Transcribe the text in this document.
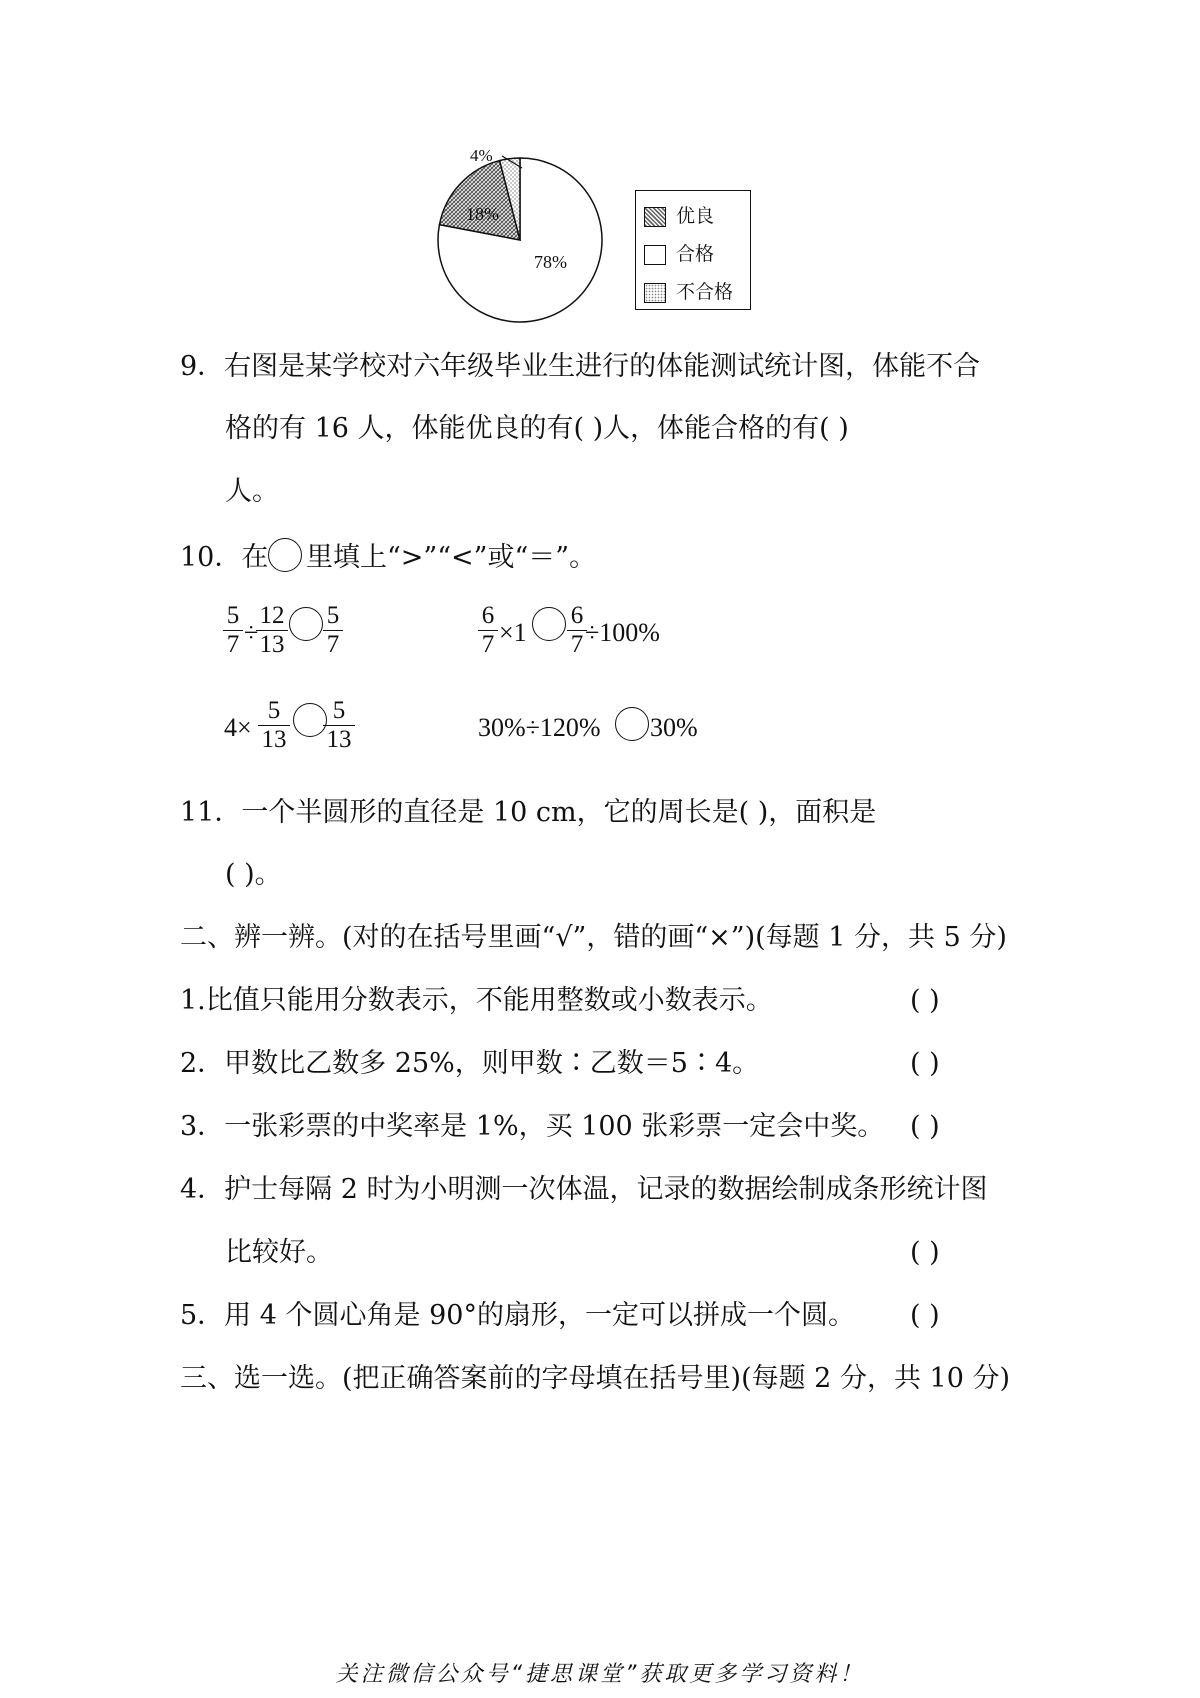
4%
18%
78%
优良
合格
不合格
9．右图是某学校对六年级毕业生进行的体能测试统计图，体能不合
格的有 16 人，体能优良的有( )人，体能合格的有( )
人。
10．在 里填上“>”“<”或“＝”。
5
7 ÷
12
13
5
7
6
7 ×1
6
7 ÷100%
4×
5
13
5
13	30%÷120% 30%
11．一个半圆形的直径是 10 cm，它的周长是( )，面积是
( )。
二、辨一辨。(对的在括号里画“√”，错的画“×”)(每题 1 分，共 5 分)
1.比值只能用分数表示，不能用整数或小数表示。	( )
2．甲数比乙数多 25%，则甲数∶乙数＝5∶4。	( )
3．一张彩票的中奖率是 1%，买 100 张彩票一定会中奖。 ( )
4．护士每隔 2 时为小明测一次体温，记录的数据绘制成条形统计图
比较好。	( )
5．用 4 个圆心角是 90°的扇形，一定可以拼成一个圆。 ( )
三、选一选。(把正确答案前的字母填在括号里)(每题 2 分，共 10 分)
关注微信公众号“捷思课堂”获取更多学习资料！
